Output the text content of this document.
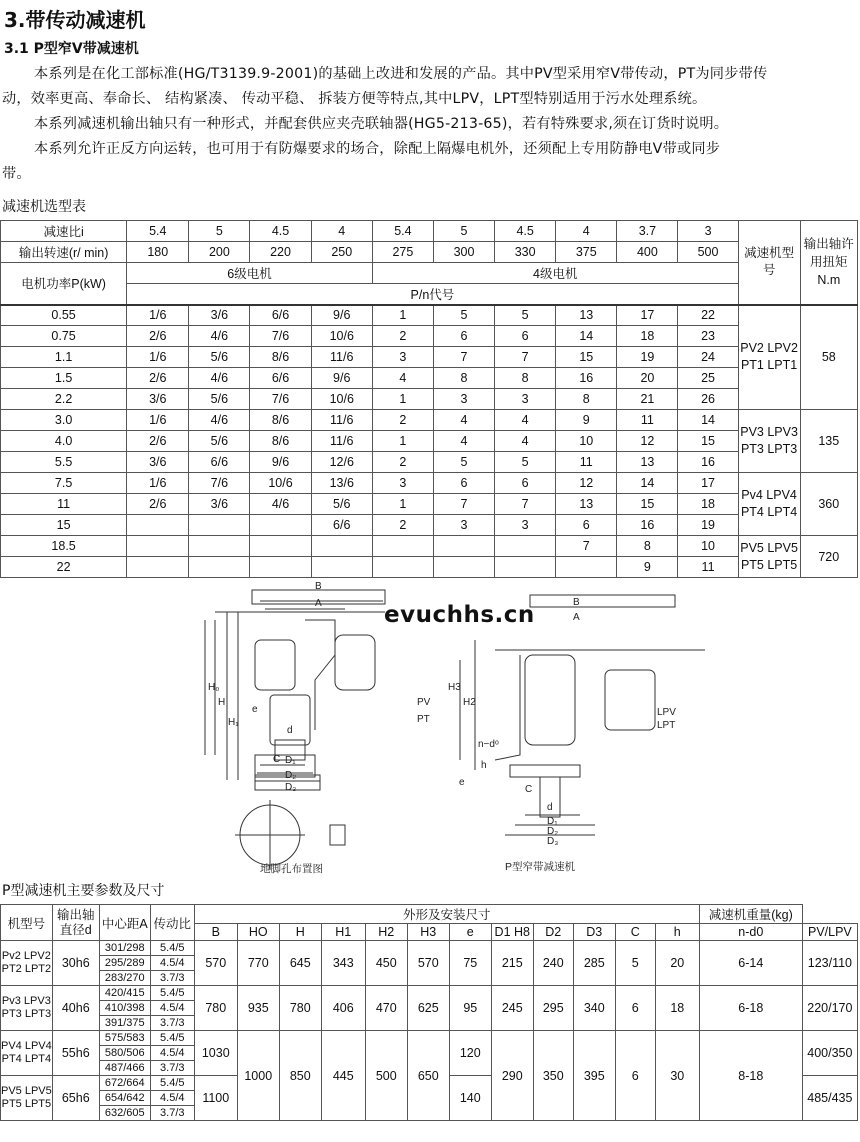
3.带传动减速机
3.1 P型窄V带减速机
本系列是在化工部标准(HG/T3139.9-2001)的基础上改进和发展的产品。其中PV型采用窄V带传动，PT为同步带传
动，效率更高、奉命长、 结构紧凑、 传动平稳、 拆装方便等特点,其中LPV，LPT型特别适用于污水处理系统。
本系列减速机输出轴只有一种形式，并配套供应夹壳联轴器(HG5-213-65)，若有特殊要求,须在订货时说明。
本系列允许正反方向运转，也可用于有防爆要求的场合，除配上隔爆电机外，还须配上专用防静电V带或同步
带。
减速机选型表
减速比i	5.4	5	4.5	4	5.4	5	4.5	4	3.7	3	减速机型号	输出轴许用扭矩N.m
输出转速(r/ min)	180	200	220	250	275	300	330	375	400	500		
电机功率P(kW)	6级电机				4级电机							
	P/n代号											
0.55	1/6	3/6	6/6	9/6	1	5	5	13	17	22	PV2 LPV2
PT1 LPT1	58
0.75	2/6	4/6	7/6	10/6	2	6	6	14	18	23		
1.1	1/6	5/6	8/6	11/6	3	7	7	15	19	24		
1.5	2/6	4/6	6/6	9/6	4	8	8	16	20	25		
2.2	3/6	5/6	7/6	10/6	1	3	3	8	21	26		
3.0	1/6	4/6	8/6	11/6	2	4	4	9	11	14	PV3 LPV3
PT3 LPT3	135
4.0	2/6	5/6	8/6	11/6	1	4	4	10	12	15		
5.5	3/6	6/6	9/6	12/6	2	5	5	11	13	16		
7.5	1/6	7/6	10/6	13/6	3	6	6	12	14	17	Pv4 LPV4
PT4 LPT4	360
11	2/6	3/6	4/6	5/6	1	7	7	13	15	18		
15				6/6	2	3	3	6	16	19		
18.5								7	8	10	PV5 LPV5
PT5 LPT5	720
22									9	11		
B
A
H₀
H
H₁
e
d
C D₁
D₂
D₃
PV
PT
B
A
H3
H2
n−dᵒ
h
e
C
d
D₁
D₂
D₃
LPV
LPT
地脚孔布置图	P型窄带减速机
evuchhs.cn
P型减速机主要参数及尺寸
机型号	输出轴直径d	中心距A	传动比	外形及安装尺寸												减速机重量(kg)	
				B	HO	H	H1	H2	H3	e	D1 H8	D2	D3	C	h	n-d0	PV/LPV

Pv2 LPV2
PT2 LPT2	30h6	301/298	5.4/5	570	770	645	343	450	570	75	215	240	285	5	20	6-14	123/110
		295/289	4.5/4														
		283/270	3.7/3														

Pv3 LPV3
PT3 LPT3	40h6	420/415	5.4/5	780	935	780	406	470	625	95	245	295	340	6	18	6-18	220/170
		410/398	4.5/4														
		391/375	3.7/3														

PV4 LPV4
PT4 LPT4	55h6	575/583	5.4/5	1030	1000	850	445	500	650	120	290	350	395	6	30	8-18	400/350
		580/506	4.5/4														
		487/466	3.7/3														

PV5 LPV5
PT5 LPT5	65h6	672/664	5.4/5	1100						140							485/435
		654/642	4.5/4														
		632/605	3.7/3														
